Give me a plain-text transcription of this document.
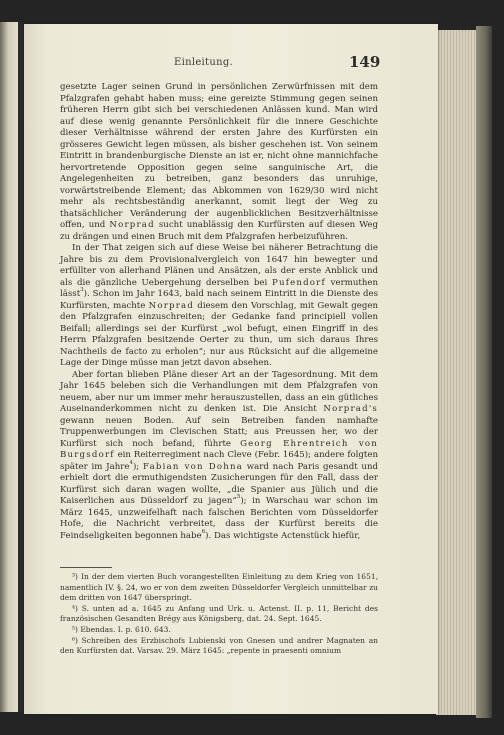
Einleitung.	149

gesetzte Lager seinen Grund in persönlichen Zerwürfnissen mit dem Pfalzgrafen gehabt haben muss; eine gereizte Stimmung gegen seinen früheren Herrn gibt sich bei verschiedenen Anlässen kund. Man wird auf diese wenig genannte Persönlichkeit für die innere Geschichte dieser Verhältnisse während der ersten Jahre des Kurfürsten ein grösseres Gewicht legen müssen, als bisher geschehen ist. Von seinem Eintritt in brandenburgische Dienste an ist er, nicht ohne mannichfache hervortretende Opposition gegen seine sanguinische Art, die Angelegenheiten zu betreiben, ganz besonders das unruhige, vorwärtstreibende Element; das Abkommen von 1629/30 wird nicht mehr als rechtsbeständig anerkannt, somit liegt der Weg zu thatsächlicher Veränderung der augenblicklichen Besitzverhältnisse offen, und Norprad sucht unablässig den Kurfürsten auf diesen Weg zu drängen und einen Bruch mit dem Pfalzgrafen herbeizuführen.

In der That zeigen sich auf diese Weise bei näherer Betrachtung die Jahre bis zu dem Provisionalvergleich von 1647 hin bewegter und erfüllter von allerhand Plänen und Ansätzen, als der erste Anblick und als die gänzliche Uebergehung derselben bei Pufendorf vermuthen lässt$^3$). Schon im Jahr 1643, bald nach seinem Eintritt in die Dienste des Kurfürsten, machte Norprad diesem den Vorschlag, mit Gewalt gegen den Pfalzgrafen einzuschreiten; der Gedanke fand principiell vollen Beifall; allerdings sei der Kurfürst „wol befugt, einen Eingriff in des Herrn Pfalzgrafen besitzende Oerter zu thun, um sich daraus Ihres Nachtheils de facto zu erholen“; nur aus Rücksicht auf die allgemeine Lage der Dinge müsse man jetzt davon absehen.

Aber fortan blieben Pläne dieser Art an der Tagesordnung. Mit dem Jahr 1645 beleben sich die Verhandlungen mit dem Pfalzgrafen von neuem, aber nur um immer mehr herauszustellen, dass an ein gütliches Auseinanderkommen nicht zu denken ist. Die Ansicht Norprad's gewann neuen Boden. Auf sein Betreiben fanden namhafte Truppenwerbungen im Clevischen Statt; aus Preussen her, wo der Kurfürst sich noch befand, führte Georg Ehrentreich von Burgsdorf ein Reiterregiment nach Cleve (Febr. 1645); andere folgten später im Jahre$^4$); Fabian von Dohna ward nach Paris gesandt und erhielt dort die ermuthigendsten Zusicherungen für den Fall, dass der Kurfürst sich daran wagen wollte, „die Spanier aus Jülich und die Kaiserlichen aus Düsseldorf zu jagen“$^5$); in Warschau war schon im März 1645, unzweifelhaft nach falschen Berichten vom Düsseldorfer Hofe, die Nachricht verbreitet, dass der Kurfürst bereits die Feindseligkeiten begonnen habe$^6$). Das wichtigste Actenstück hiefür,

³) In der dem vierten Buch vorangestellten Einleitung zu dem Krieg von 1651, namentlich IV. §. 24, wo er von dem zweiten Düsseldorfer Vergleich unmittelbar zu dem dritten von 1647 überspringt.

⁴) S. unten ad a. 1645 zu Anfang und Urk. u. Actenst. II. p. 11, Bericht des französischen Gesandten Brégy aus Königsberg, dat. 24. Sept. 1645.

⁵) Ebendas. I. p. 610. 643.

⁶) Schreiben des Erzbischofs Lubienski von Gnesen und andrer Magnaten an den Kurfürsten dat. Varsav. 29. März 1645: „repente in praesenti omnium
